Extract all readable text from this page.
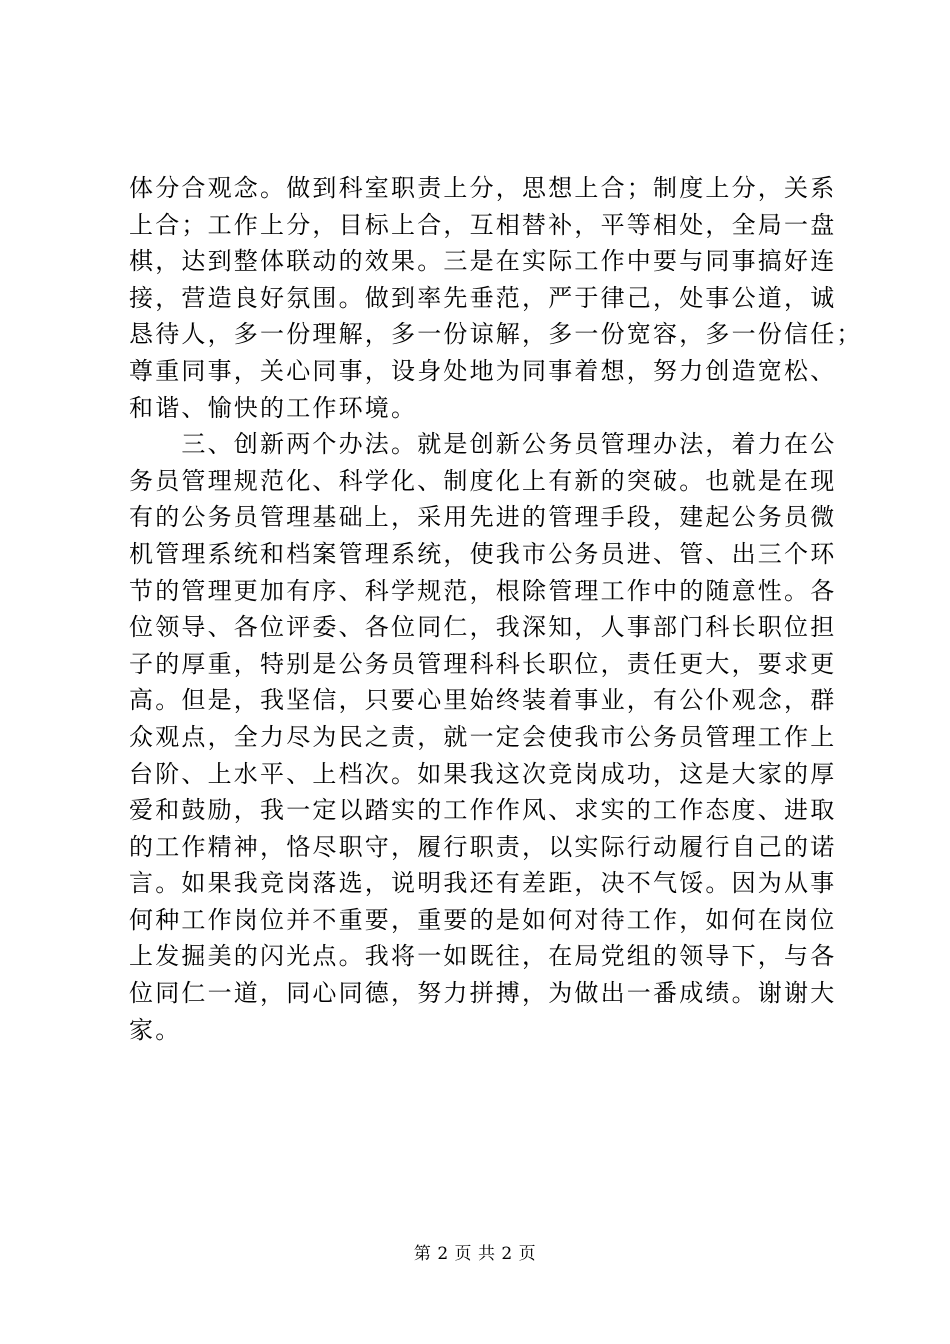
体分合观念。做到科室职责上分，思想上合；制度上分，关系
上合；工作上分，目标上合，互相替补，平等相处，全局一盘
棋，达到整体联动的效果。三是在实际工作中要与同事搞好连
接，营造良好氛围。做到率先垂范，严于律己，处事公道，诚
恳待人，多一份理解，多一份谅解，多一份宽容，多一份信任；
尊重同事，关心同事，设身处地为同事着想，努力创造宽松、
和谐、愉快的工作环境。
　　三、创新两个办法。就是创新公务员管理办法，着力在公
务员管理规范化、科学化、制度化上有新的突破。也就是在现
有的公务员管理基础上，采用先进的管理手段，建起公务员微
机管理系统和档案管理系统，使我市公务员进、管、出三个环
节的管理更加有序、科学规范，根除管理工作中的随意性。各
位领导、各位评委、各位同仁，我深知，人事部门科长职位担
子的厚重，特别是公务员管理科科长职位，责任更大，要求更
高。但是，我坚信，只要心里始终装着事业，有公仆观念，群
众观点，全力尽为民之责，就一定会使我市公务员管理工作上
台阶、上水平、上档次。如果我这次竞岗成功，这是大家的厚
爱和鼓励，我一定以踏实的工作作风、求实的工作态度、进取
的工作精神，恪尽职守，履行职责，以实际行动履行自己的诺
言。如果我竞岗落选，说明我还有差距，决不气馁。因为从事
何种工作岗位并不重要，重要的是如何对待工作，如何在岗位
上发掘美的闪光点。我将一如既往，在局党组的领导下，与各
位同仁一道，同心同德，努力拼搏，为做出一番成绩。谢谢大
家。
第 2 页 共 2 页
